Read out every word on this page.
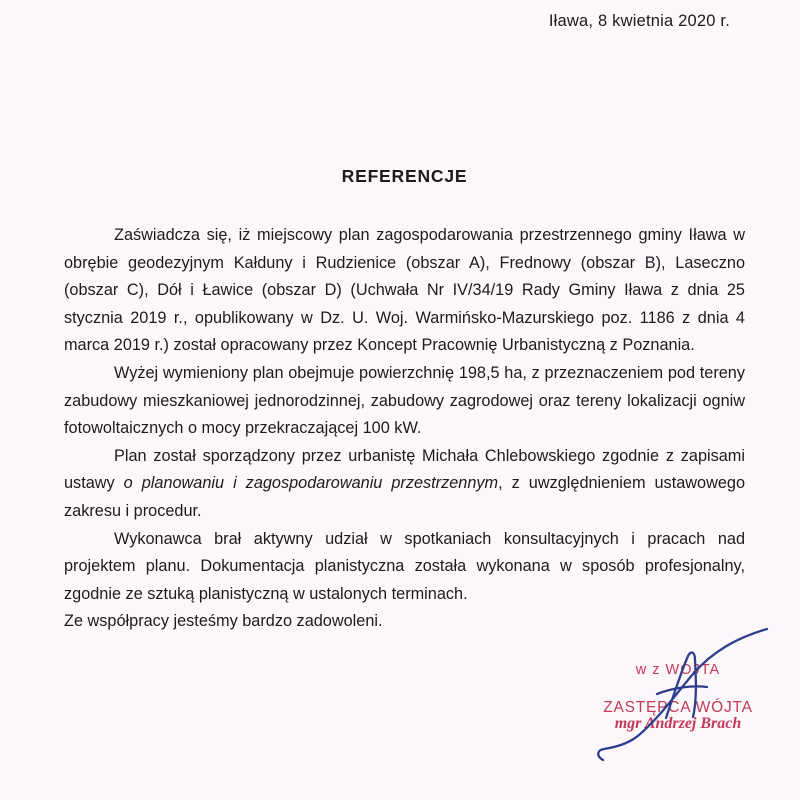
Iława, 8 kwietnia 2020 r.
REFERENCJE

Zaświadcza się, iż miejscowy plan zagospodarowania przestrzennego gminy Iława w obrębie geodezyjnym Kałduny i Rudzienice (obszar A), Frednowy (obszar B), Laseczno (obszar C), Dół i Ławice (obszar D) (Uchwała Nr IV/34/19 Rady Gminy Iława z dnia 25 stycznia 2019 r., opublikowany w Dz. U. Woj. Warmińsko-Mazurskiego poz. 1186 z dnia 4 marca 2019 r.) został opracowany przez Koncept Pracownię Urbanistyczną z Poznania.

Wyżej wymieniony plan obejmuje powierzchnię 198,5 ha, z przeznaczeniem pod tereny zabudowy mieszkaniowej jednorodzinnej, zabudowy zagrodowej oraz tereny lokalizacji ogniw fotowoltaicznych o mocy przekraczającej 100 kW.

Plan został sporządzony przez urbanistę Michała Chlebowskiego zgodnie z zapisami ustawy o planowaniu i zagospodarowaniu przestrzennym, z uwzględnieniem ustawowego zakresu i procedur.

Wykonawca brał aktywny udział w spotkaniach konsultacyjnych i pracach nad projektem planu. Dokumentacja planistyczna została wykonana w sposób profesjonalny, zgodnie ze sztuką planistyczną w ustalonych terminach.

Ze współpracy jesteśmy bardzo zadowoleni.

w z WÓJTA
ZASTĘPCA WÓJTA
mgr Andrzej Brach
